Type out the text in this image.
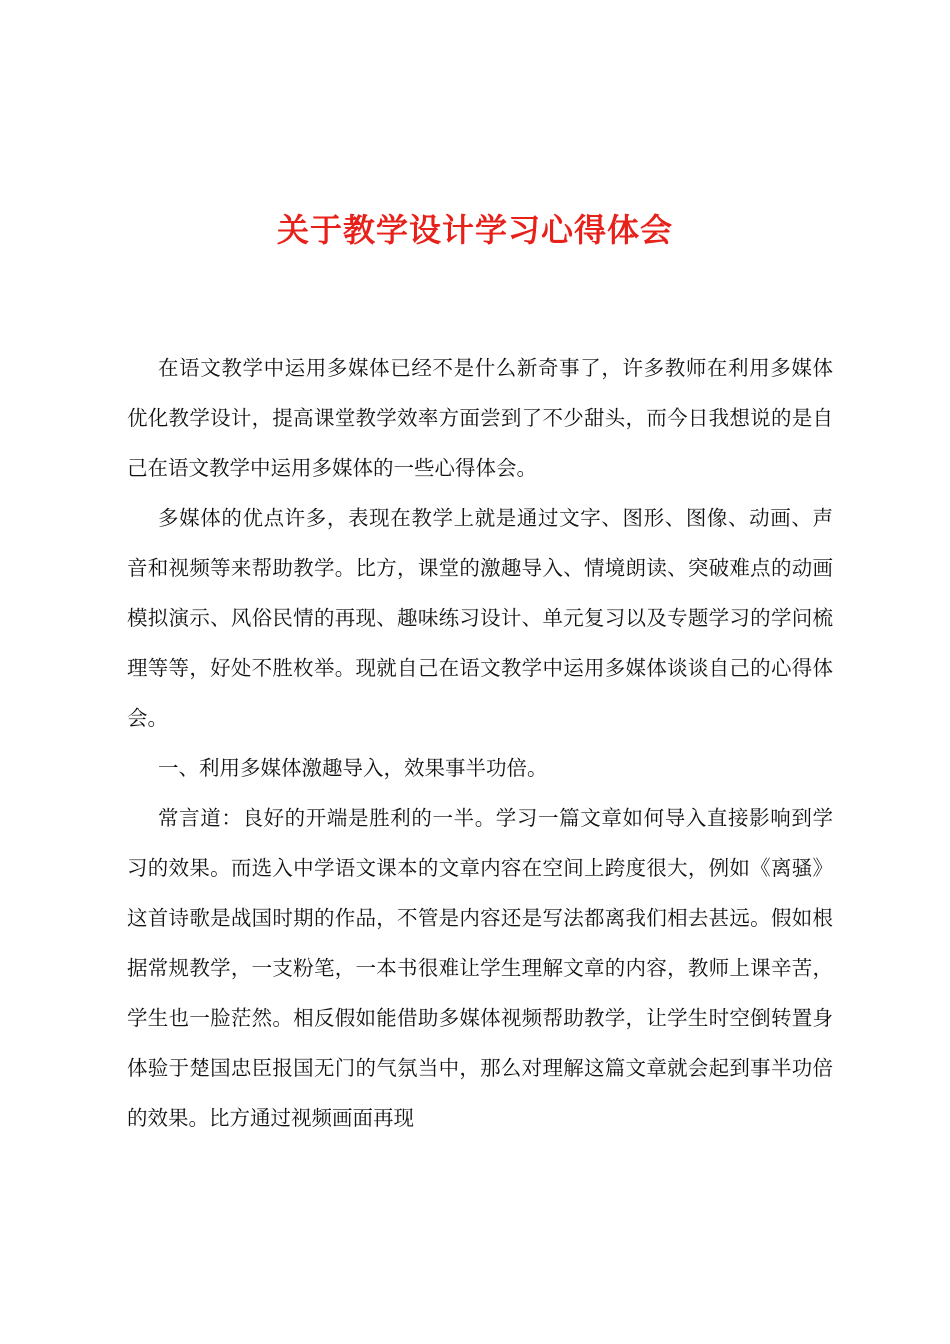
关于教学设计学习心得体会

在语文教学中运用多媒体已经不是什么新奇事了，许多教师在利用多媒体优化教学设计，提高课堂教学效率方面尝到了不少甜头，而今日我想说的是自己在语文教学中运用多媒体的一些心得体会。

多媒体的优点许多，表现在教学上就是通过文字、图形、图像、动画、声音和视频等来帮助教学。比方，课堂的激趣导入、情境朗读、突破难点的动画模拟演示、风俗民情的再现、趣味练习设计、单元复习以及专题学习的学问梳理等等，好处不胜枚举。现就自己在语文教学中运用多媒体谈谈自己的心得体会。

一、利用多媒体激趣导入，效果事半功倍。

常言道：良好的开端是胜利的一半。学习一篇文章如何导入直接影响到学习的效果。而选入中学语文课本的文章内容在空间上跨度很大，例如《离骚》这首诗歌是战国时期的作品，不管是内容还是写法都离我们相去甚远。假如根据常规教学，一支粉笔，一本书很难让学生理解文章的内容，教师上课辛苦，学生也一脸茫然。相反假如能借助多媒体视频帮助教学，让学生时空倒转置身体验于楚国忠臣报国无门的气氛当中，那么对理解这篇文章就会起到事半功倍的效果。比方通过视频画面再现
